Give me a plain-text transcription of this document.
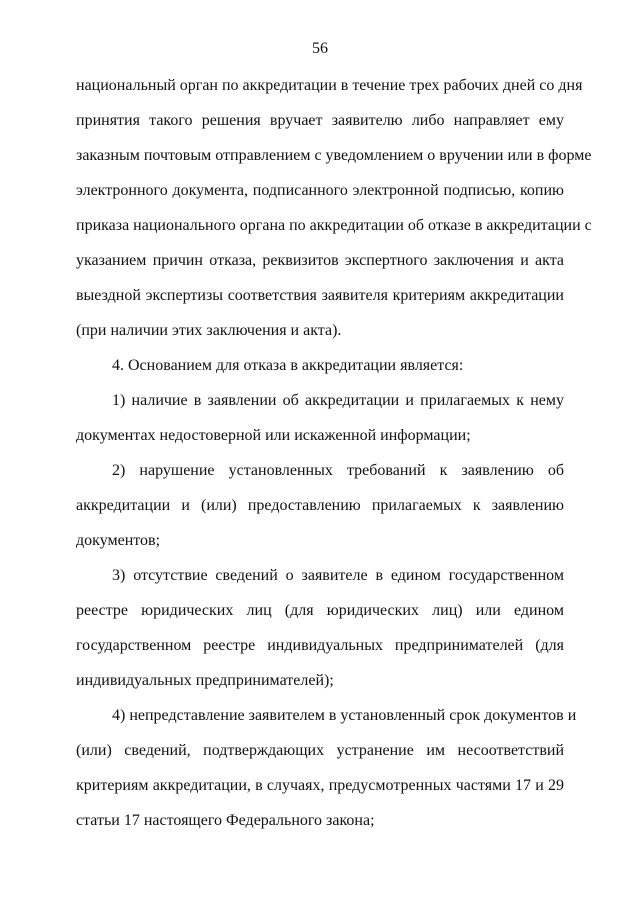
56
национальный орган по аккредитации в течение трех рабочих дней со дня
принятия такого решения вручает заявителю либо направляет ему
заказным почтовым отправлением с уведомлением о вручении или в форме
электронного документа, подписанного электронной подписью, копию
приказа национального органа по аккредитации об отказе в аккредитации с
указанием причин отказа, реквизитов экспертного заключения и акта
выездной экспертизы соответствия заявителя критериям аккредитации
(при наличии этих заключения и акта).
4. Основанием для отказа в аккредитации является:
1) наличие в заявлении об аккредитации и прилагаемых к нему
документах недостоверной или искаженной информации;
2) нарушение установленных требований к заявлению об
аккредитации и (или) предоставлению прилагаемых к заявлению
документов;
3) отсутствие сведений о заявителе в едином государственном
реестре юридических лиц (для юридических лиц) или едином
государственном реестре индивидуальных предпринимателей (для
индивидуальных предпринимателей);
4) непредставление заявителем в установленный срок документов и
(или) сведений, подтверждающих устранение им несоответствий
критериям аккредитации, в случаях, предусмотренных частями 17 и 29
статьи 17 настоящего Федерального закона;
